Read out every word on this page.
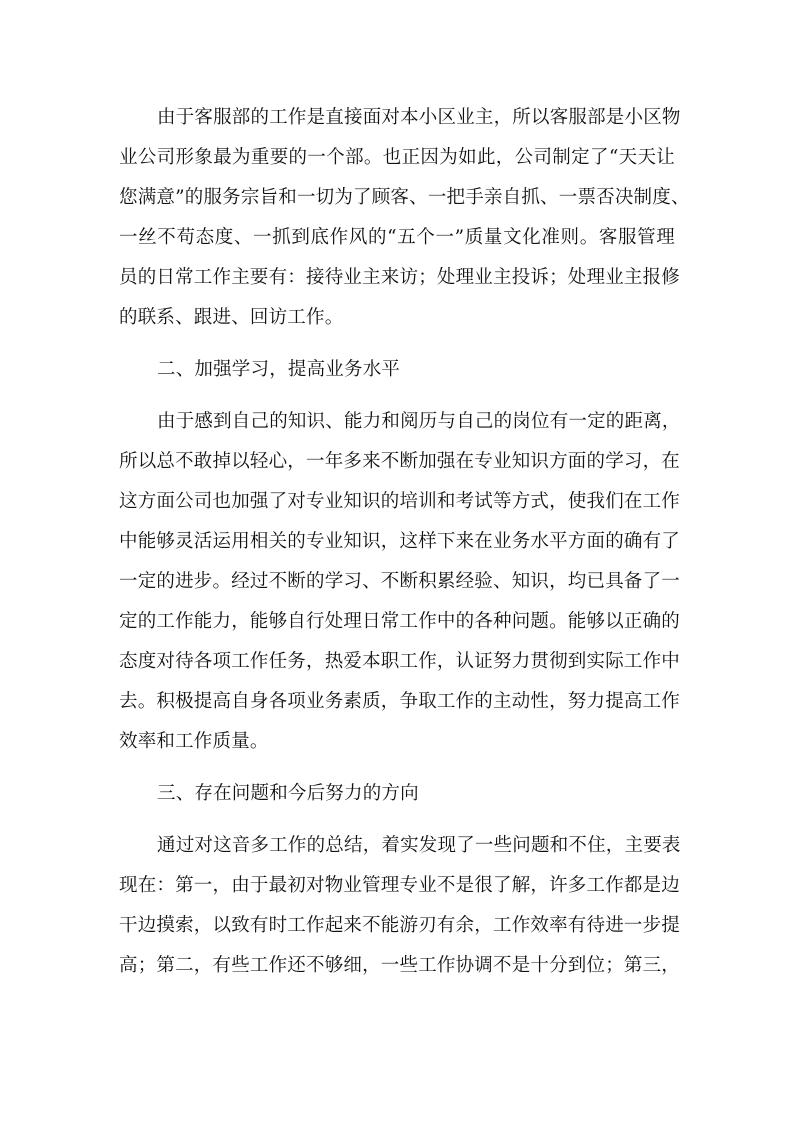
由于客服部的工作是直接面对本小区业主，所以客服部是小区物
业公司形象最为重要的一个部。也正因为如此，公司制定了“天天让
您满意”的服务宗旨和一切为了顾客、一把手亲自抓、一票否决制度、
一丝不苟态度、一抓到底作风的“五个一”质量文化准则。客服管理
员的日常工作主要有：接待业主来访；处理业主投诉；处理业主报修
的联系、跟进、回访工作。
二、加强学习，提高业务水平
由于感到自己的知识、能力和阅历与自己的岗位有一定的距离，
所以总不敢掉以轻心，一年多来不断加强在专业知识方面的学习，在
这方面公司也加强了对专业知识的培训和考试等方式，使我们在工作
中能够灵活运用相关的专业知识，这样下来在业务水平方面的确有了
一定的进步。经过不断的学习、不断积累经验、知识，均已具备了一
定的工作能力，能够自行处理日常工作中的各种问题。能够以正确的
态度对待各项工作任务，热爱本职工作，认证努力贯彻到实际工作中
去。积极提高自身各项业务素质，争取工作的主动性，努力提高工作
效率和工作质量。
三、存在问题和今后努力的方向
通过对这音多工作的总结，着实发现了一些问题和不住，主要表
现在：第一，由于最初对物业管理专业不是很了解，许多工作都是边
干边摸索，以致有时工作起来不能游刃有余，工作效率有待进一步提
高；第二，有些工作还不够细，一些工作协调不是十分到位；第三，
